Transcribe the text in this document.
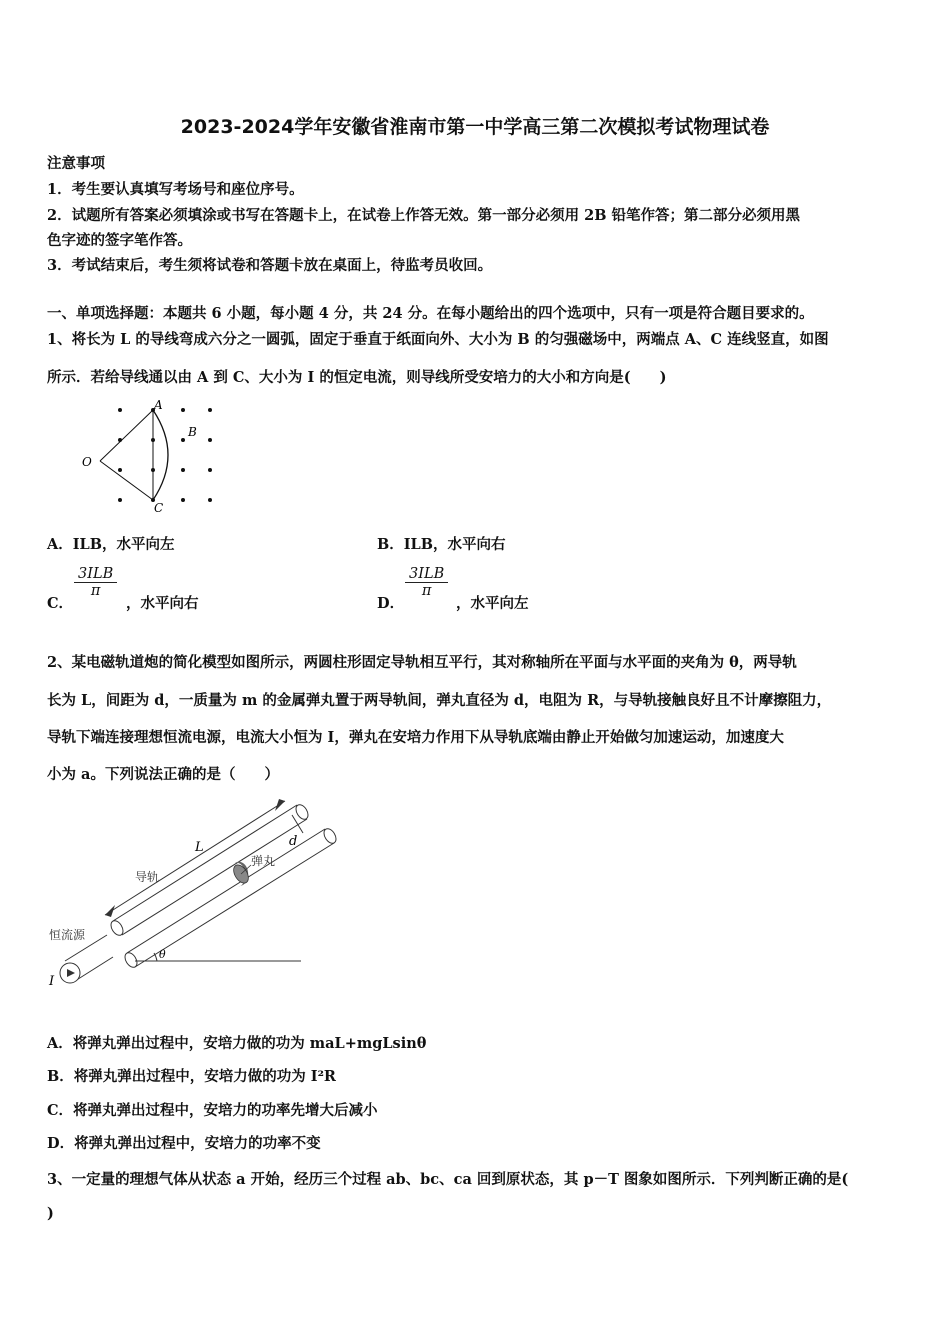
2023-2024学年安徽省淮南市第一中学高三第二次模拟考试物理试卷
注意事项
1．考生要认真填写考场号和座位序号。
2．试题所有答案必须填涂或书写在答题卡上，在试卷上作答无效。第一部分必须用 2B 铅笔作答；第二部分必须用黑
色字迹的签字笔作答。
3．考试结束后，考生须将试卷和答题卡放在桌面上，待监考员收回。
一、单项选择题：本题共 6 小题，每小题 4 分，共 24 分。在每小题给出的四个选项中，只有一项是符合题目要求的。
1、将长为 L 的导线弯成六分之一圆弧，固定于垂直于纸面向外、大小为 B 的匀强磁场中，两端点 A、C 连线竖直，如图
所示．若给导线通以由 A 到 C、大小为 I 的恒定电流，则导线所受安培力的大小和方向是(　　)
A
B
C
O
A．ILB，水平向左	B．ILB，水平向右
C．
3ILB
π
，水平向右	D．
3ILB
π
，水平向左
2、某电磁轨道炮的简化模型如图所示，两圆柱形固定导轨相互平行，其对称轴所在平面与水平面的夹角为 θ，两导轨
长为 L，间距为 d，一质量为 m 的金属弹丸置于两导轨间，弹丸直径为 d，电阻为 R，与导轨接触良好且不计摩擦阻力，
导轨下端连接理想恒流电源，电流大小恒为 I，弹丸在安培力作用下从导轨底端由静止开始做匀加速运动，加速度大
小为 a。下列说法正确的是（　　）
L	d
导轨
弹丸
恒流源
I
θ
A．将弹丸弹出过程中，安培力做的功为 maL+mgLsinθ
B．将弹丸弹出过程中，安培力做的功为 I²R
C．将弹丸弹出过程中，安培力的功率先增大后减小
D．将弹丸弹出过程中，安培力的功率不变
3、一定量的理想气体从状态 a 开始，经历三个过程 ab、bc、ca 回到原状态，其 p－T 图象如图所示．下列判断正确的是(
)
